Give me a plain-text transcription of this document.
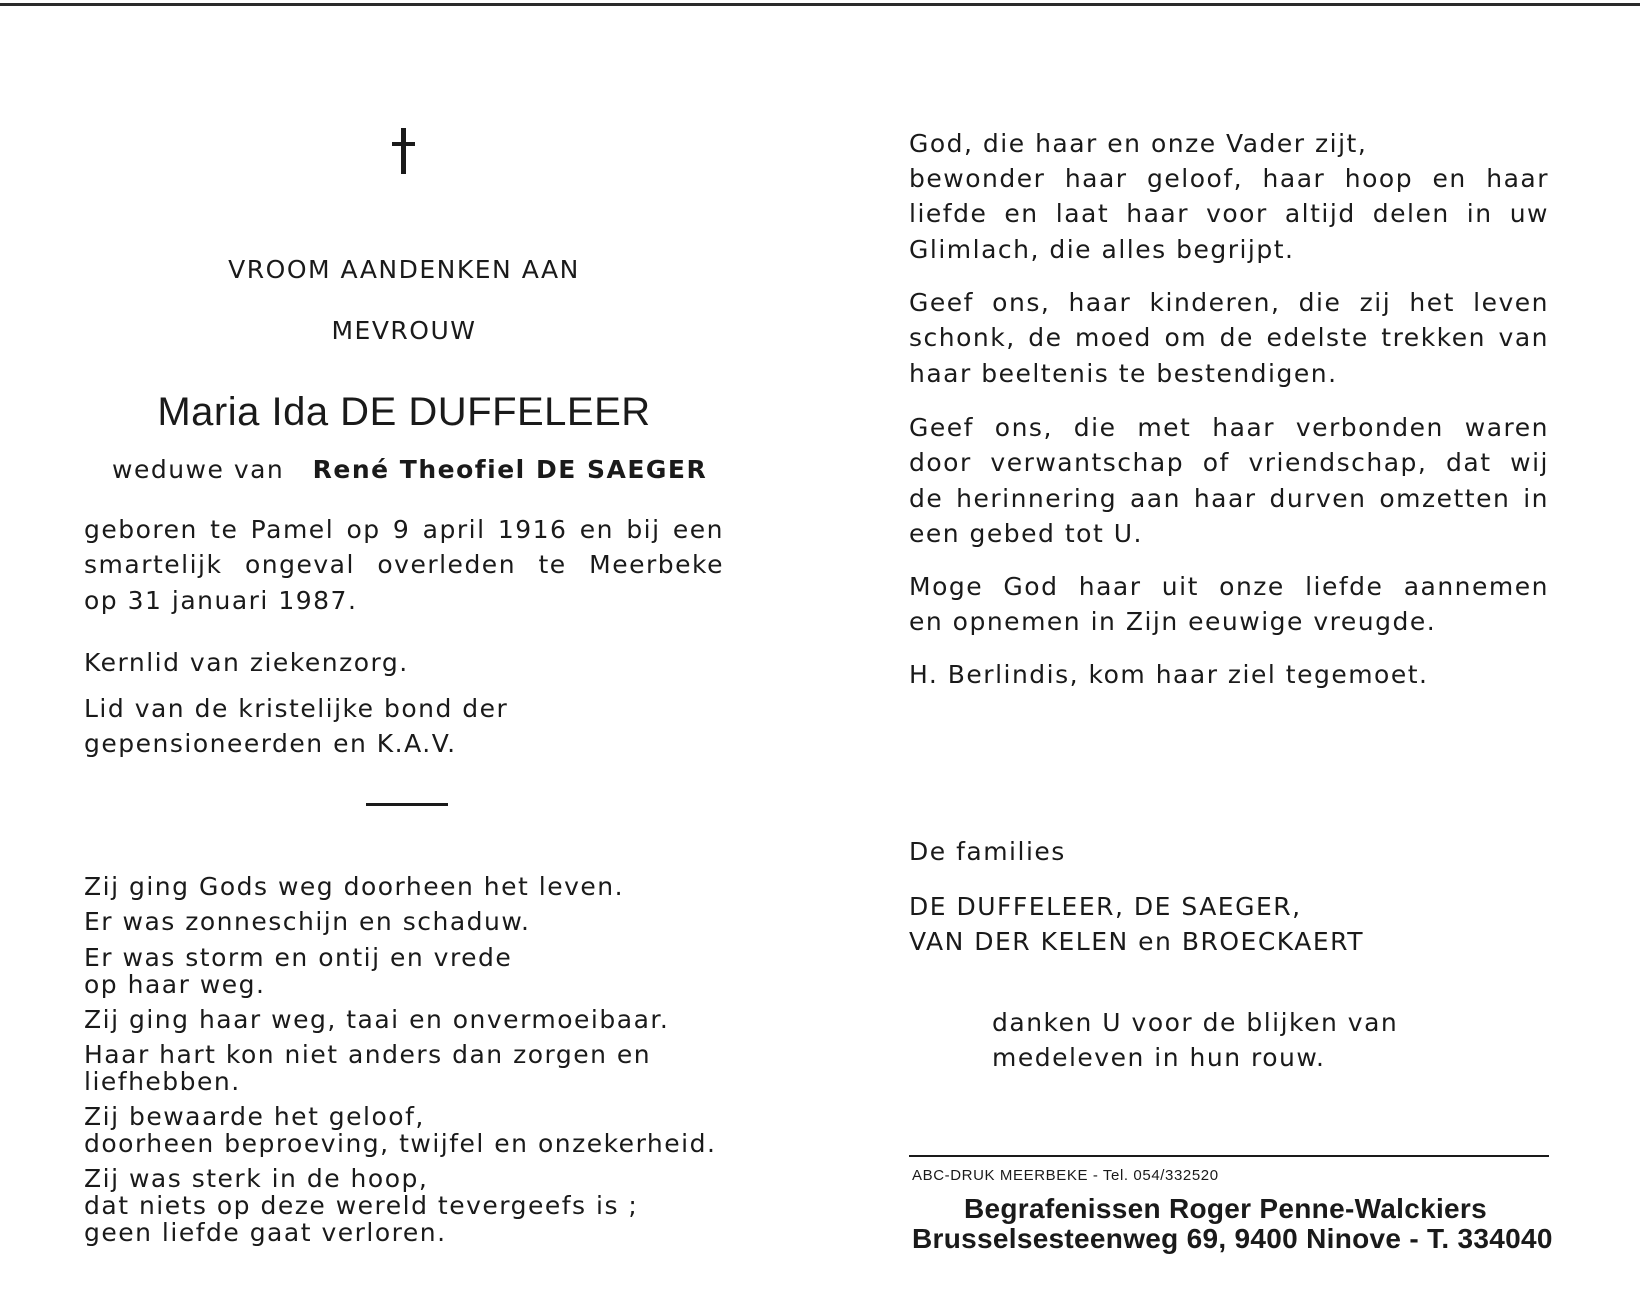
VROOM AANDENKEN AAN
MEVROUW
Maria Ida DE DUFFELEER
weduwe van René Theofiel DE SAEGER
geboren te Pamel op 9 april 1916 en bij een
smartelijk ongeval overleden te Meerbeke
op 31 januari 1987.
Kernlid van ziekenzorg.
Lid van de kristelijke bond der
gepensioneerden en K.A.V.
Zij ging Gods weg doorheen het leven.
Er was zonneschijn en schaduw.
Er was storm en ontij en vrede
op haar weg.
Zij ging haar weg, taai en onvermoeibaar.
Haar hart kon niet anders dan zorgen en
liefhebben.
Zij bewaarde het geloof,
doorheen beproeving, twijfel en onzekerheid.
Zij was sterk in de hoop,
dat niets op deze wereld tevergeefs is ;
geen liefde gaat verloren.
God, die haar en onze Vader zijt,
bewonder haar geloof, haar hoop en haar
liefde en laat haar voor altijd delen in uw
Glimlach, die alles begrijpt.
Geef ons, haar kinderen, die zij het leven
schonk, de moed om de edelste trekken van
haar beeltenis te bestendigen.
Geef ons, die met haar verbonden waren
door verwantschap of vriendschap, dat wij
de herinnering aan haar durven omzetten in
een gebed tot U.
Moge God haar uit onze liefde aannemen
en opnemen in Zijn eeuwige vreugde.
H. Berlindis, kom haar ziel tegemoet.
De families
DE DUFFELEER, DE SAEGER,
VAN DER KELEN en BROECKAERT
danken U voor de blijken van
medeleven in hun rouw.
ABC-DRUK MEERBEKE - Tel. 054/332520
Begrafenissen Roger Penne-Walckiers
Brusselsesteenweg 69, 9400 Ninove - T. 334040
